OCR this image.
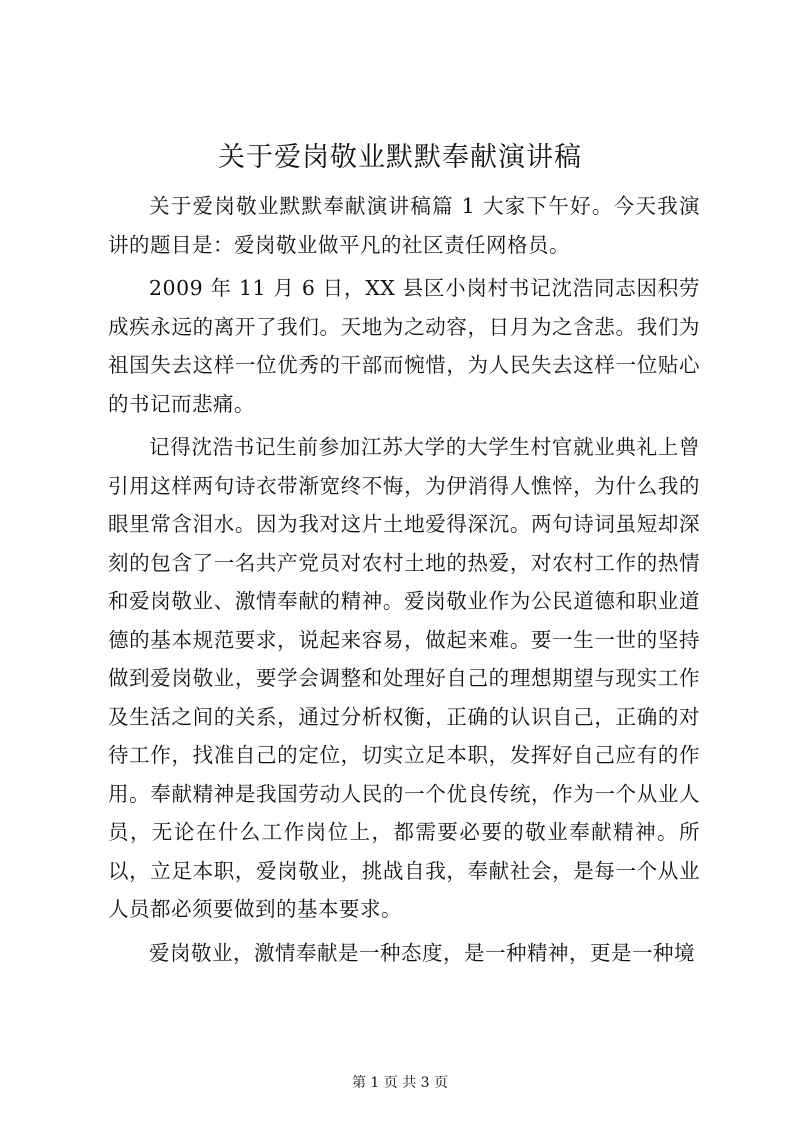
关于爱岗敬业默默奉献演讲稿

关于爱岗敬业默默奉献演讲稿篇 1 大家下午好。今天我演讲的题目是：爱岗敬业做平凡的社区责任网格员。

2009 年 11 月 6 日，XX 县区小岗村书记沈浩同志因积劳成疾永远的离开了我们。天地为之动容，日月为之含悲。我们为祖国失去这样一位优秀的干部而惋惜，为人民失去这样一位贴心的书记而悲痛。

记得沈浩书记生前参加江苏大学的大学生村官就业典礼上曾引用这样两句诗衣带渐宽终不悔，为伊消得人憔悴，为什么我的眼里常含泪水。因为我对这片土地爱得深沉。两句诗词虽短却深刻的包含了一名共产党员对农村土地的热爱，对农村工作的热情和爱岗敬业、激情奉献的精神。爱岗敬业作为公民道德和职业道德的基本规范要求，说起来容易，做起来难。要一生一世的坚持做到爱岗敬业，要学会调整和处理好自己的理想期望与现实工作及生活之间的关系，通过分析权衡，正确的认识自己，正确的对待工作，找准自己的定位，切实立足本职，发挥好自己应有的作用。奉献精神是我国劳动人民的一个优良传统，作为一个从业人员，无论在什么工作岗位上，都需要必要的敬业奉献精神。所以，立足本职，爱岗敬业，挑战自我，奉献社会，是每一个从业人员都必须要做到的基本要求。

爱岗敬业，激情奉献是一种态度，是一种精神，更是一种境

第 1 页 共 3 页
